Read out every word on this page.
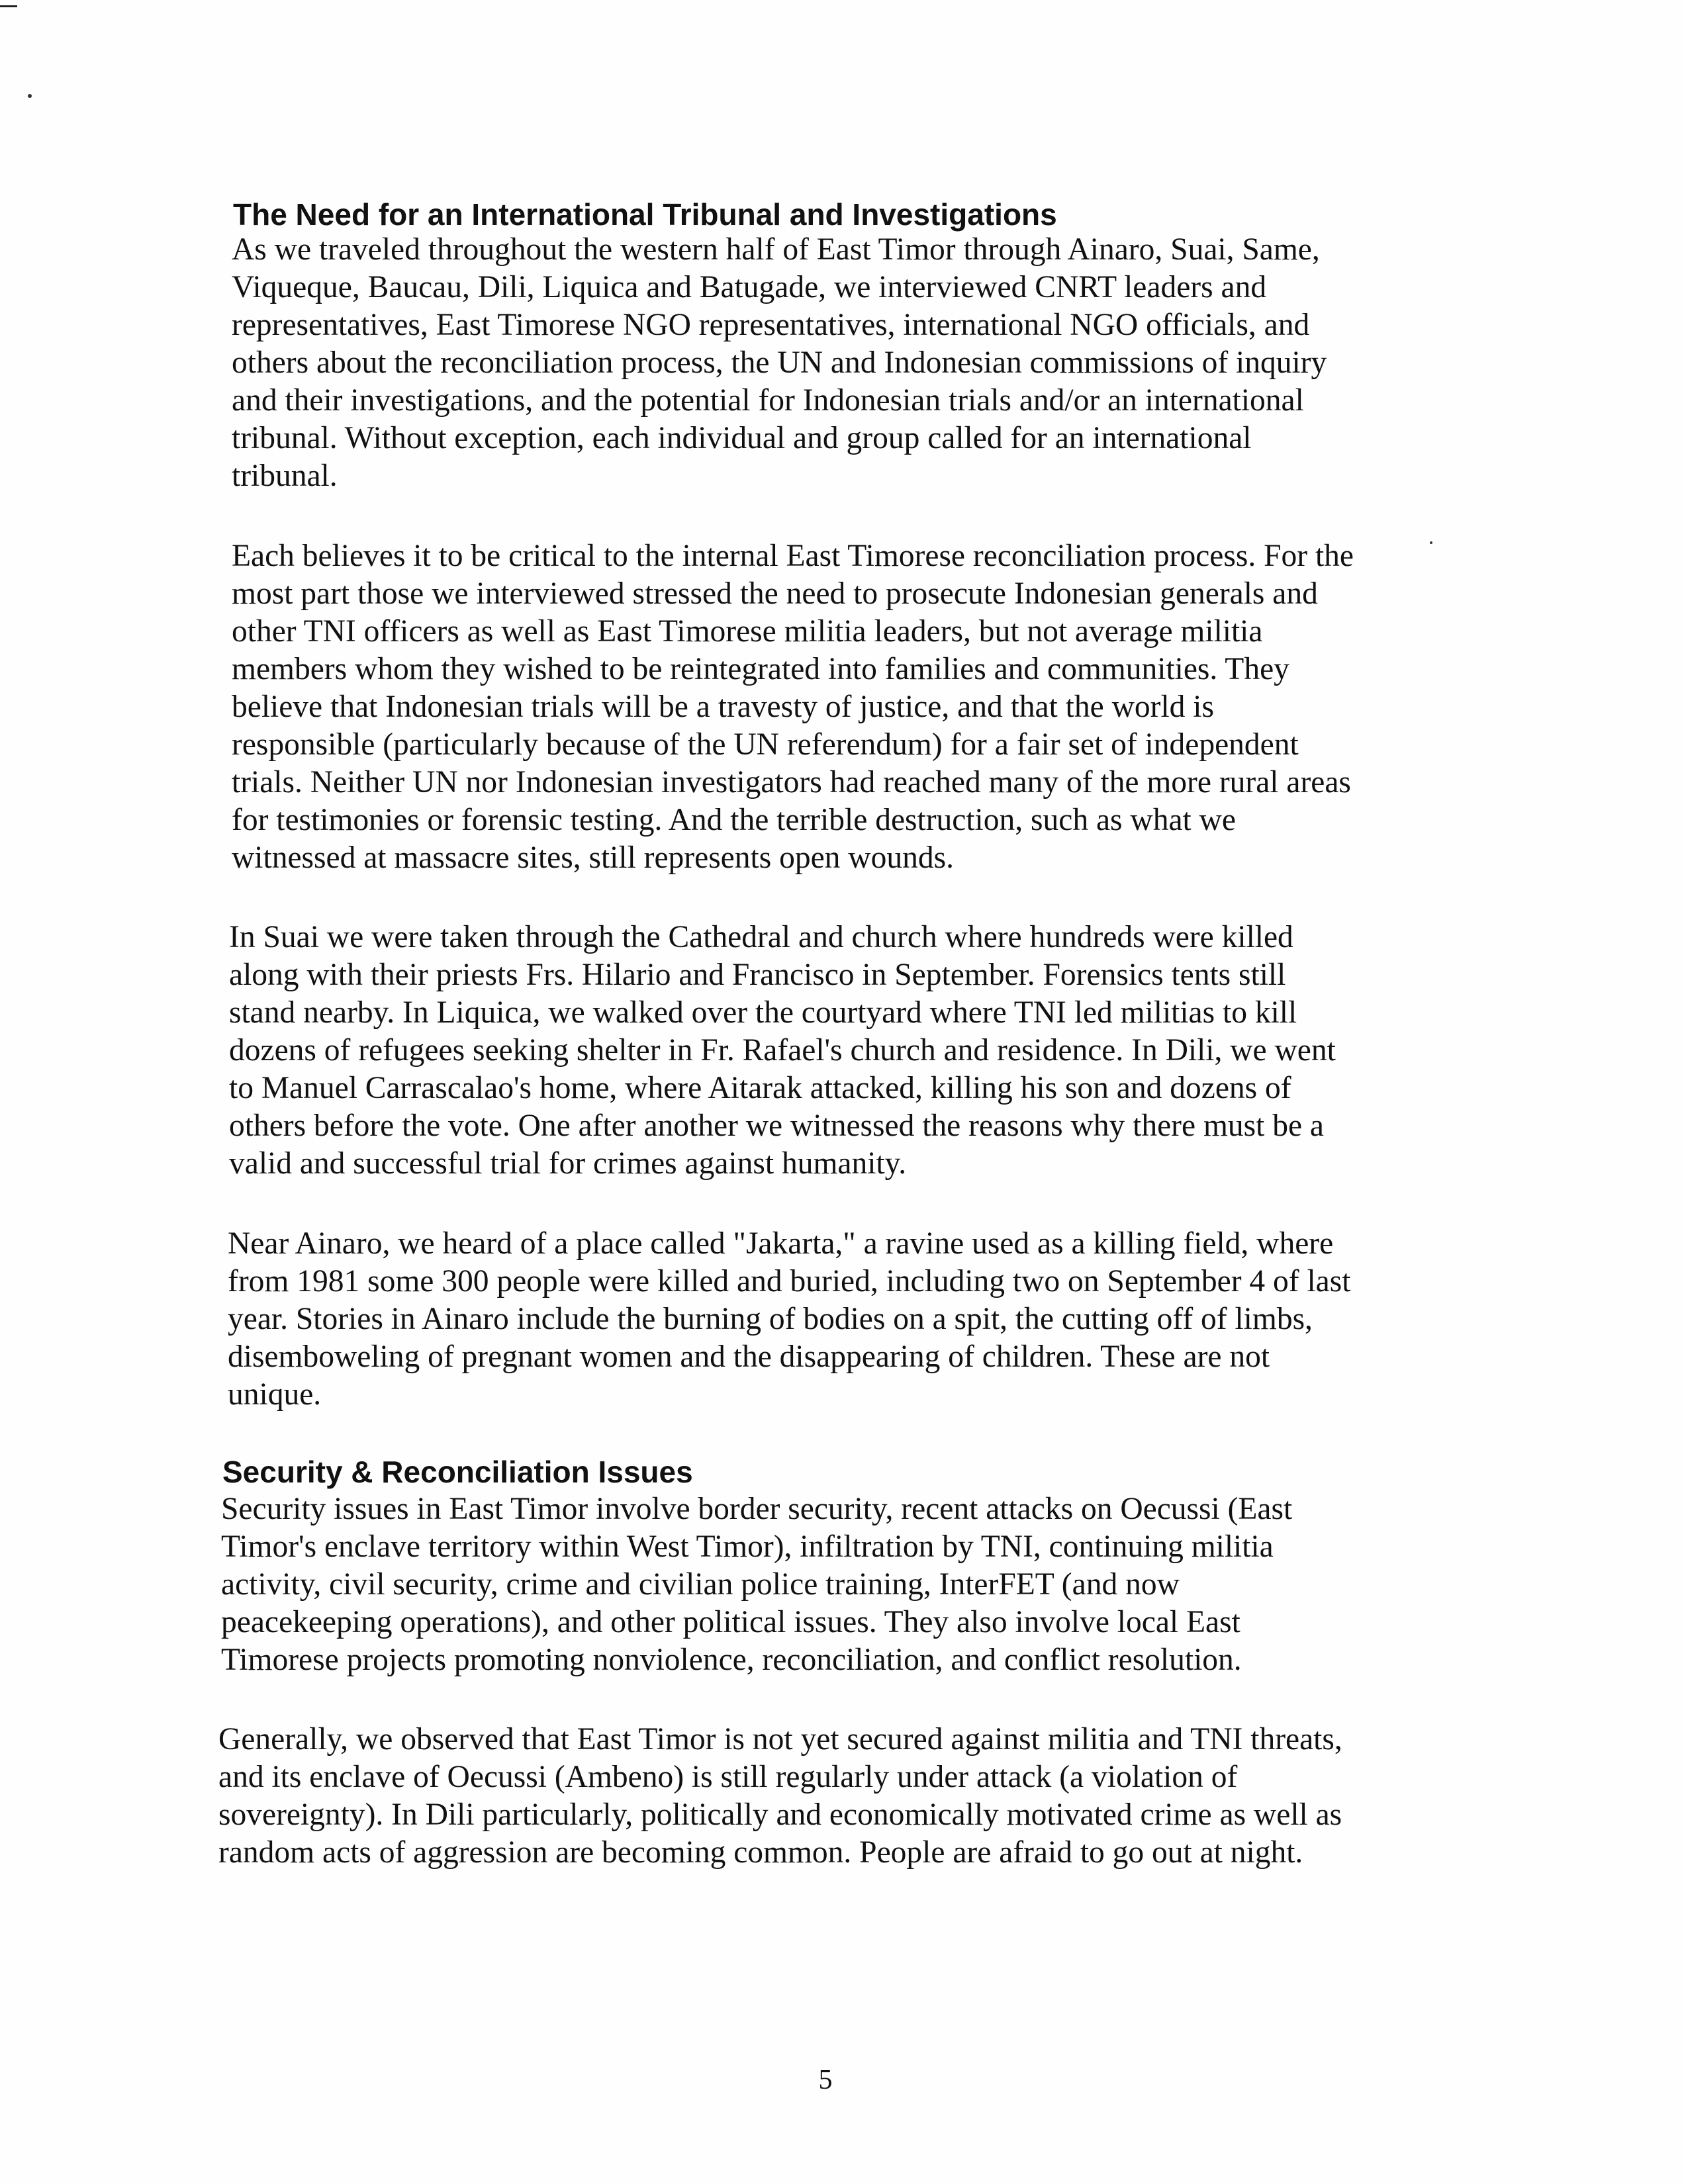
The Need for an International Tribunal and Investigations
As we traveled throughout the western half of East Timor through Ainaro, Suai, Same,
Viqueque, Baucau, Dili, Liquica and Batugade, we interviewed CNRT leaders and
representatives, East Timorese NGO representatives, international NGO officials, and
others about the reconciliation process, the UN and Indonesian commissions of inquiry
and their investigations, and the potential for Indonesian trials and/or an international
tribunal. Without exception, each individual and group called for an international
tribunal.
Each believes it to be critical to the internal East Timorese reconciliation process. For the
most part those we interviewed stressed the need to prosecute Indonesian generals and
other TNI officers as well as East Timorese militia leaders, but not average militia
members whom they wished to be reintegrated into families and communities. They
believe that Indonesian trials will be a travesty of justice, and that the world is
responsible (particularly because of the UN referendum) for a fair set of independent
trials. Neither UN nor Indonesian investigators had reached many of the more rural areas
for testimonies or forensic testing. And the terrible destruction, such as what we
witnessed at massacre sites, still represents open wounds.
In Suai we were taken through the Cathedral and church where hundreds were killed
along with their priests Frs. Hilario and Francisco in September. Forensics tents still
stand nearby. In Liquica, we walked over the courtyard where TNI led militias to kill
dozens of refugees seeking shelter in Fr. Rafael's church and residence. In Dili, we went
to Manuel Carrascalao's home, where Aitarak attacked, killing his son and dozens of
others before the vote. One after another we witnessed the reasons why there must be a
valid and successful trial for crimes against humanity.
Near Ainaro, we heard of a place called "Jakarta," a ravine used as a killing field, where
from 1981 some 300 people were killed and buried, including two on September 4 of last
year. Stories in Ainaro include the burning of bodies on a spit, the cutting off of limbs,
disemboweling of pregnant women and the disappearing of children. These are not
unique.
Security & Reconciliation Issues
Security issues in East Timor involve border security, recent attacks on Oecussi (East
Timor's enclave territory within West Timor), infiltration by TNI, continuing militia
activity, civil security, crime and civilian police training, InterFET (and now
peacekeeping operations), and other political issues. They also involve local East
Timorese projects promoting nonviolence, reconciliation, and conflict resolution.
Generally, we observed that East Timor is not yet secured against militia and TNI threats,
and its enclave of Oecussi (Ambeno) is still regularly under attack (a violation of
sovereignty). In Dili particularly, politically and economically motivated crime as well as
random acts of aggression are becoming common. People are afraid to go out at night.
5
